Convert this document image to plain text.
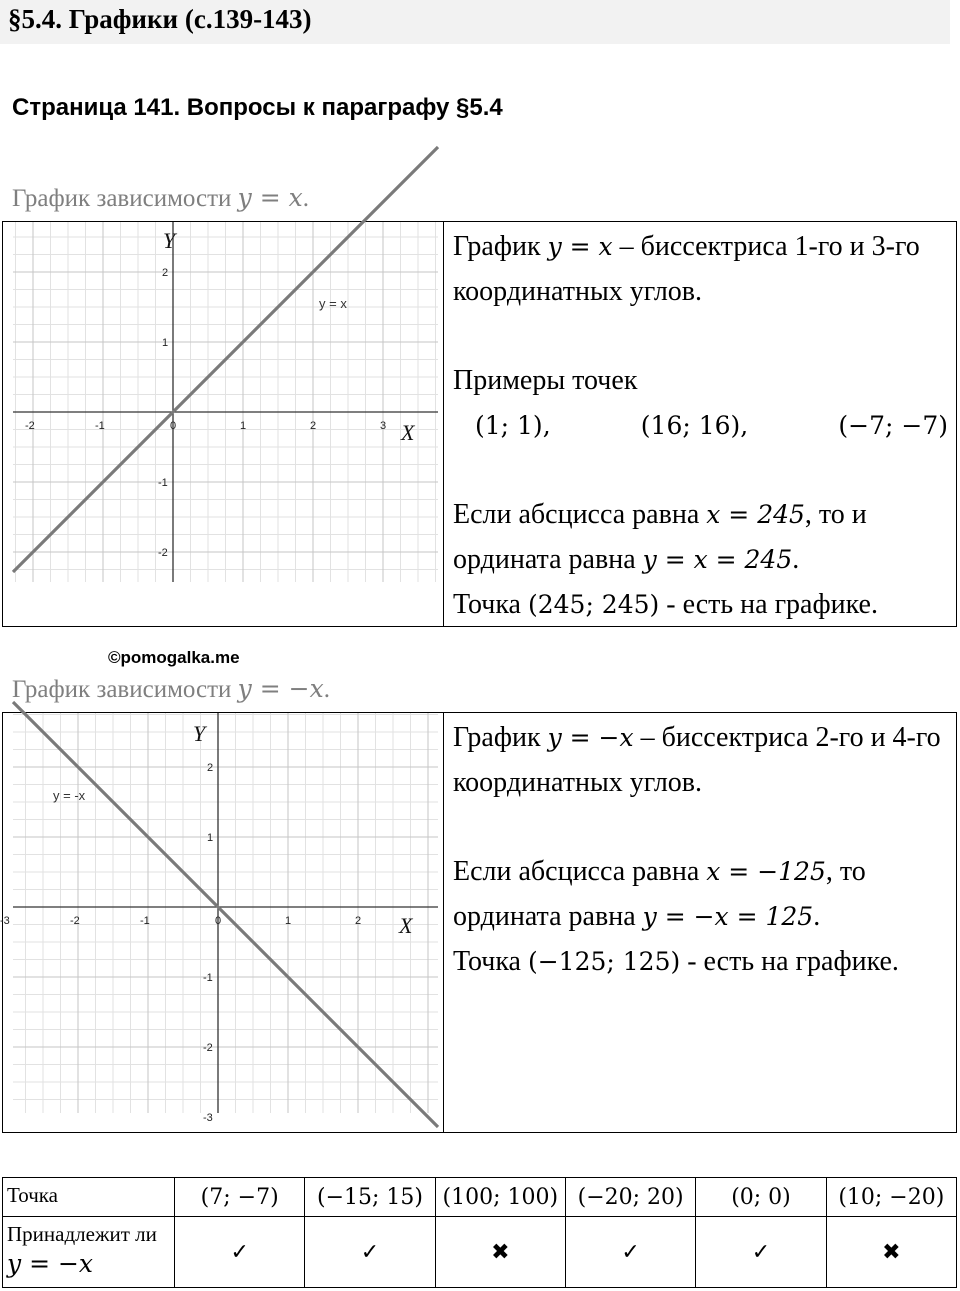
§5.4. Графики (с.139-143)
Страница 141. Вопросы к параграфу §5.4
График зависимости y = x.
-2	-1	0	1	2	3
2
1
-1
-2
Y
X
y = x

График y = x – биссектриса 1-го и 3-го координатных углов.

Примеры точек

(1; 1),	(16; 16),	(−7; −7)

Если абсцисса равна x = 245, то и ордината равна y = x = 245.

Точка (245; 245) - есть на графике.

©pomogalka.me
График зависимости y = −x.
-3	-2	-1	0	1	2
2
1
-1
-2
-3
Y
X
y = -x

График y = −x – биссектриса 2-го и 4-го координатных углов.

Если абсцисса равна x = −125, то ордината равна y = −x = 125.

Точка (−125; 125) - есть на графике.

Точка	(7; −7)	(−15; 15)	(100; 100)	(−20; 20)	(0; 0)	(10; −20)
Принадлежит ли y = −x	✓	✓	✖	✓	✓	✖
